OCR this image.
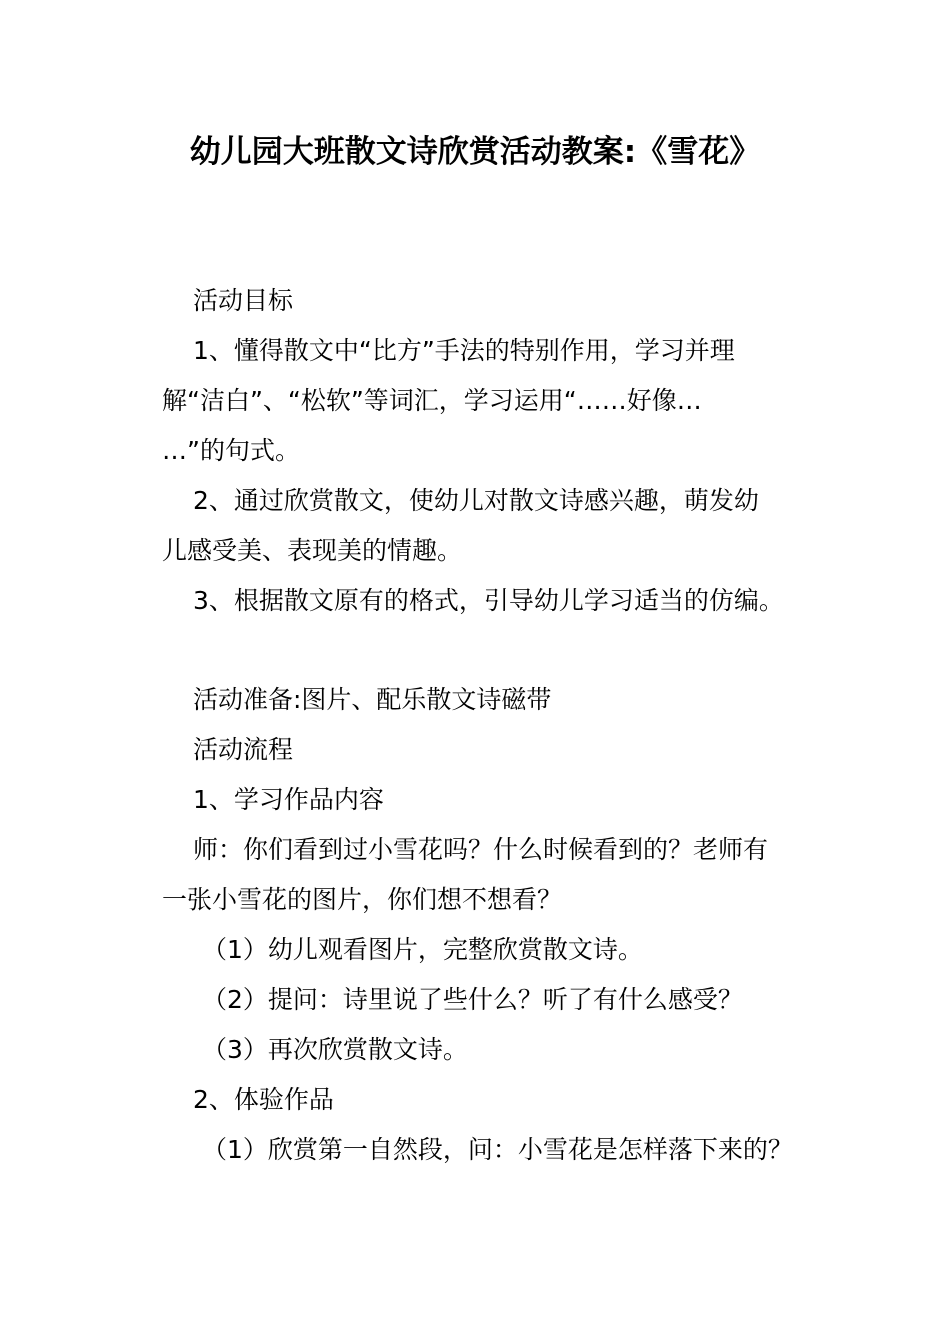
幼儿园大班散文诗欣赏活动教案:《雪花》

活动目标

1、懂得散文中“比方”手法的特别作用，学习并理

解“洁白”、“松软”等词汇，学习运用“……好像…

…”的句式。

2、通过欣赏散文，使幼儿对散文诗感兴趣，萌发幼

儿感受美、表现美的情趣。

3、根据散文原有的格式，引导幼儿学习适当的仿编。

活动准备:图片、配乐散文诗磁带

活动流程

1、学习作品内容

师：你们看到过小雪花吗？什么时候看到的？老师有

一张小雪花的图片，你们想不想看？

（1）幼儿观看图片，完整欣赏散文诗。

（2）提问：诗里说了些什么？听了有什么感受？

（3）再次欣赏散文诗。

2、体验作品

（1）欣赏第一自然段，问：小雪花是怎样落下来的？
